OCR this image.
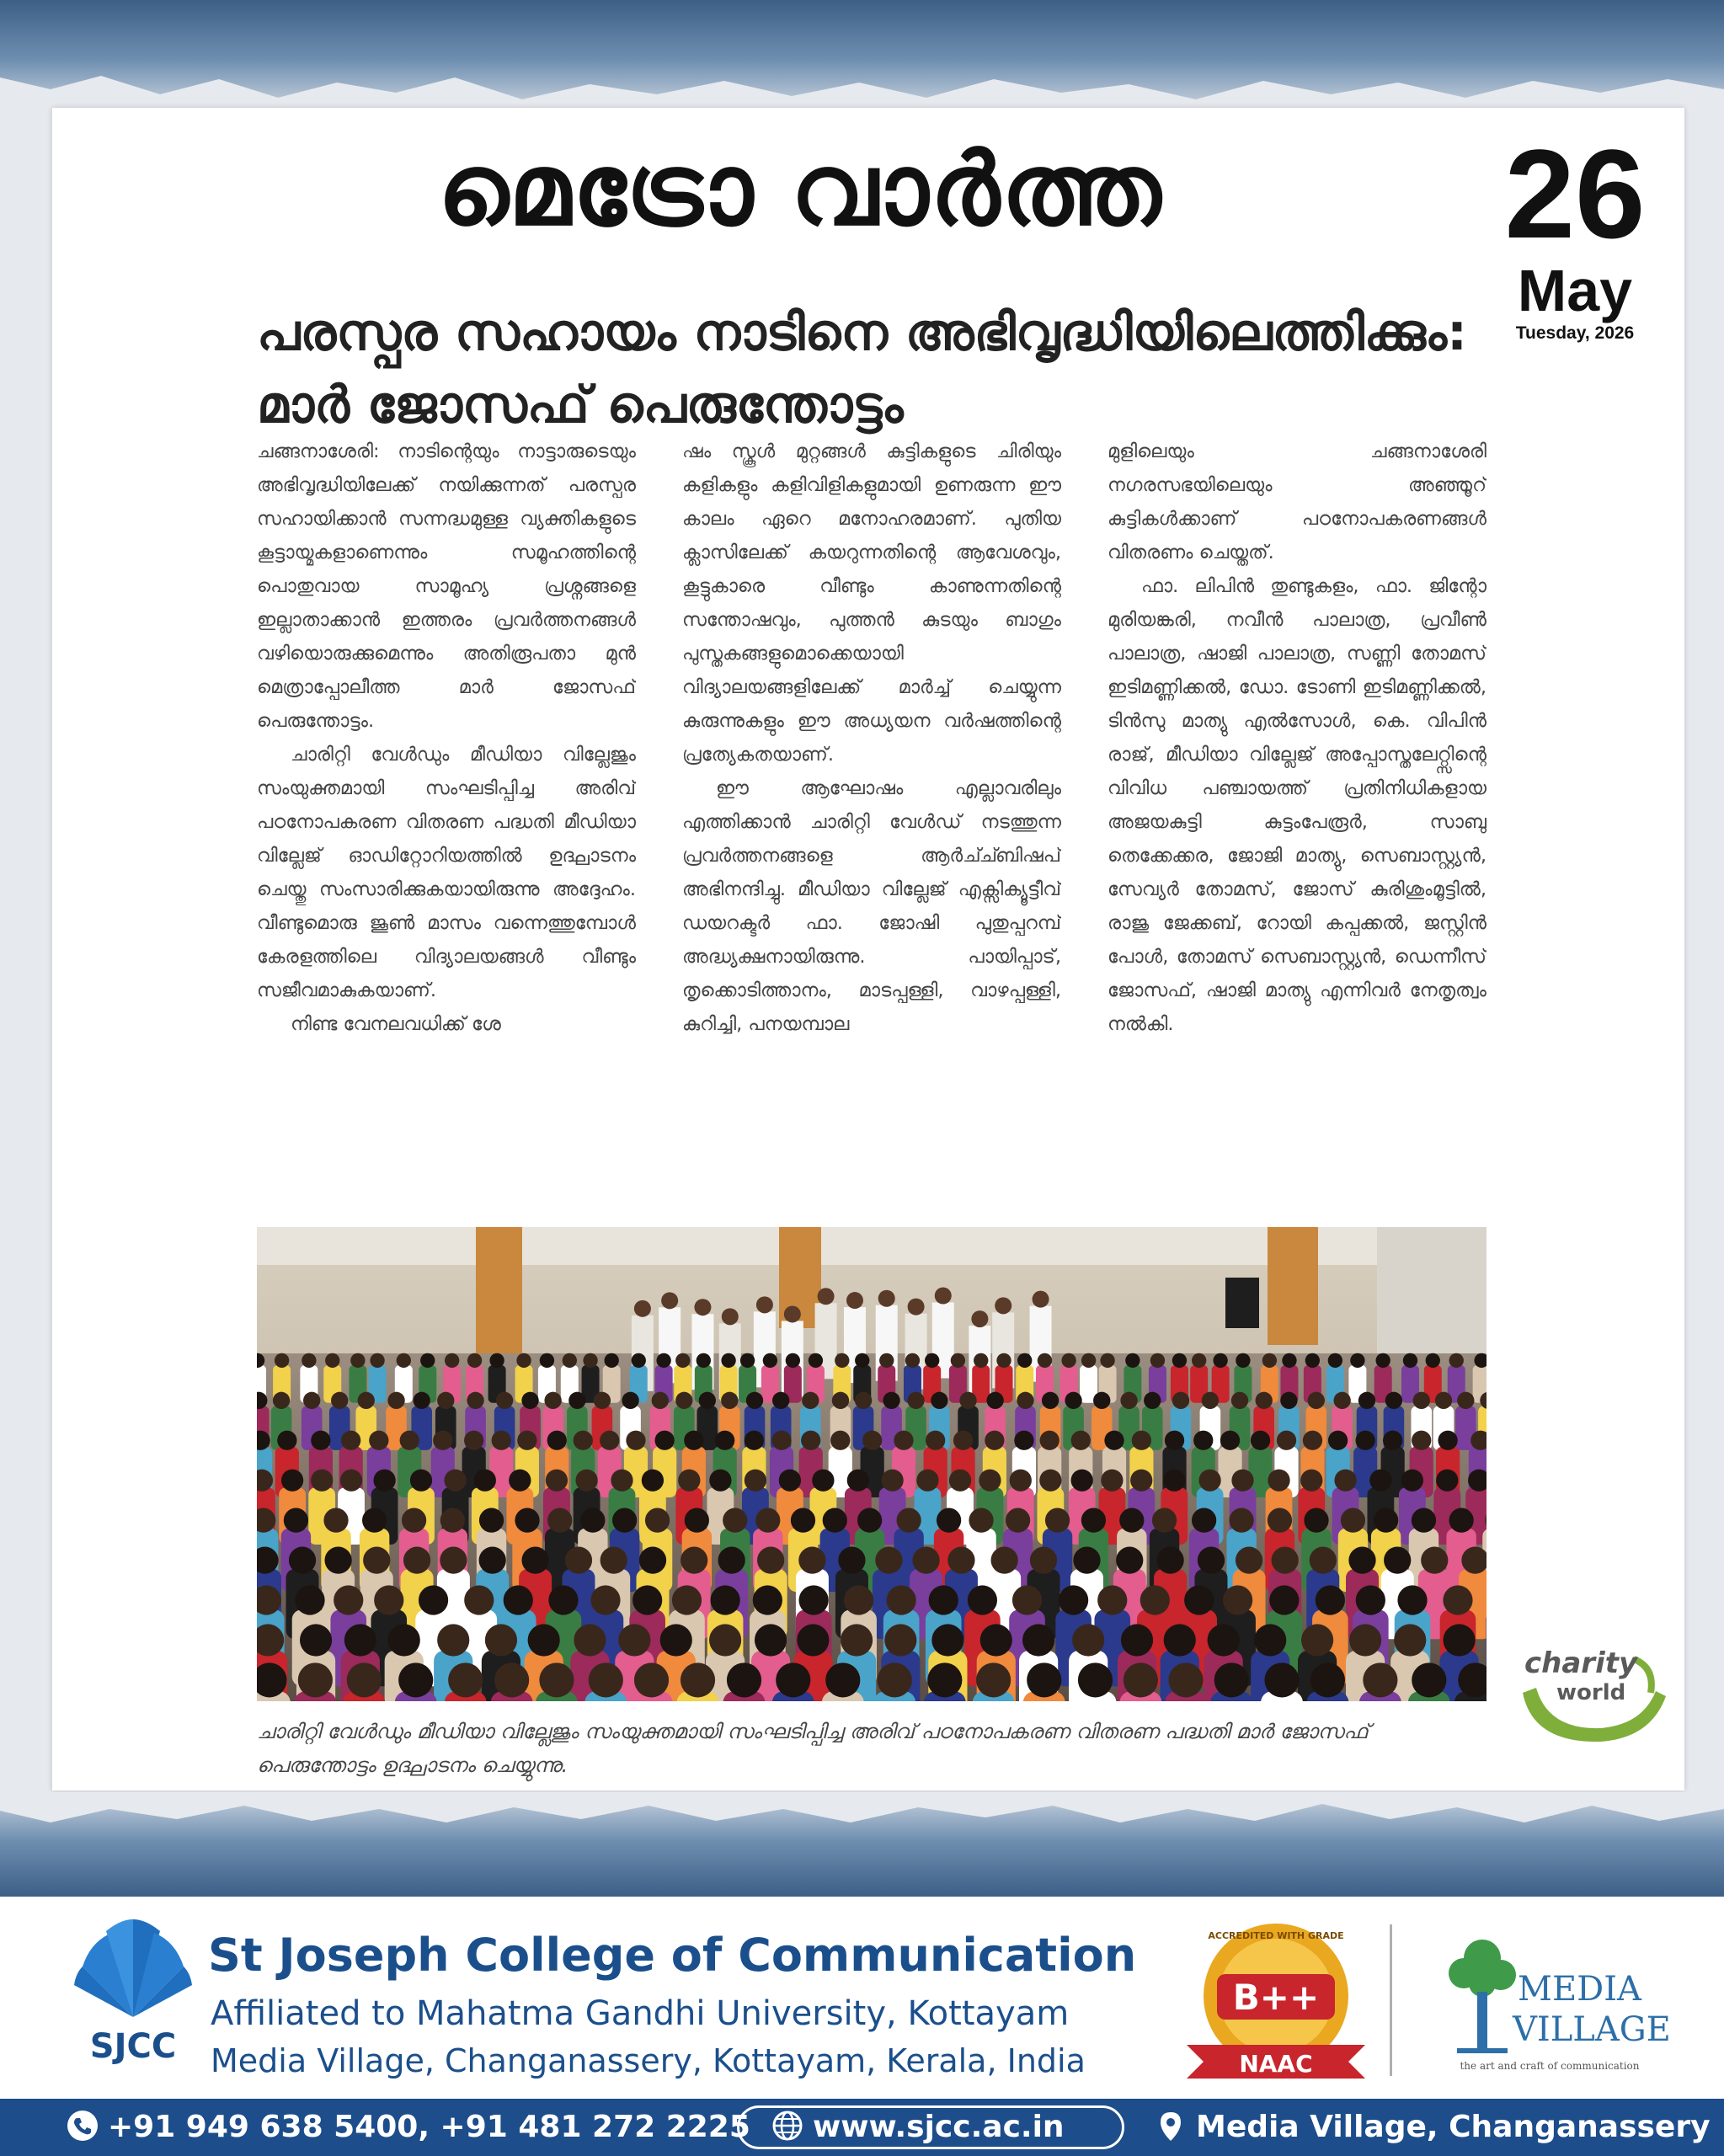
മെട്രോ വാർത്ത	26
May
Tuesday, 2026
പരസ്പര സഹായം നാടിനെ അഭിവൃദ്ധിയിലെത്തിക്കും:
മാർ ജോസഫ് പെരുന്തോട്ടം

ചങ്ങനാശേരി: നാടിന്റെയും നാട്ടാരുടെയും അഭിവൃദ്ധിയിലേക്ക് നയിക്കുന്നത് പരസ്പര സഹായിക്കാൻ സന്നദ്ധമുള്ള വ്യക്തികളുടെ കൂട്ടായ്മകളാണെന്നും സമൂഹത്തിന്റെ പൊതുവായ സാമൂഹ്യ പ്രശ്നങ്ങളെ ഇല്ലാതാക്കാൻ ഇത്തരം പ്രവർത്തനങ്ങൾ വഴിയൊരുക്കുമെന്നും അതിരൂപതാ മുൻ മെത്രാപ്പോലീത്ത മാർ ജോസഫ് പെരുന്തോട്ടം.

ചാരിറ്റി വേൾഡും മീഡിയാ വില്ലേജും സംയുക്തമായി സംഘടിപ്പിച്ച അരിവ് പഠനോപകരണ വിതരണ പദ്ധതി മീഡിയാ വില്ലേജ് ഓഡിറ്റോറിയത്തിൽ ഉദ്ഘാടനം ചെയ്തു സംസാരിക്കുകയായിരുന്നു അദ്ദേഹം. വീണ്ടുമൊരു ജൂൺ മാസം വന്നെത്തുമ്പോൾ കേരളത്തിലെ വിദ്യാലയങ്ങൾ വീണ്ടും സജീവമാകുകയാണ്.

നിണ്ട വേനലവധിക്ക് ശേ

ഷം സ്കൂൾ മുറ്റങ്ങൾ കുട്ടികളുടെ ചിരിയും കളികളും കളിവിളികളുമായി ഉണരുന്ന ഈ കാലം ഏറെ മനോഹരമാണ്. പുതിയ ക്ലാസിലേക്ക് കയറുന്നതിന്റെ ആവേശവും, കൂട്ടുകാരെ വീണ്ടും കാണുന്നതിന്റെ സന്തോഷവും, പുത്തൻ കുടയും ബാഗും പുസ്തകങ്ങളുമൊക്കെയായി വിദ്യാലയങ്ങളിലേക്ക് മാർച്ച് ചെയ്യുന്ന കുരുന്നുകളും ഈ അധ്യയന വർഷത്തിന്റെ പ്രത്യേകതയാണ്.

ഈ ആഘോഷം എല്ലാവരിലും എത്തിക്കാൻ ചാരിറ്റി വേൾഡ് നടത്തുന്ന പ്രവർത്തനങ്ങളെ ആർച്ച്ബിഷപ് അഭിനന്ദിച്ചു. മീഡിയാ വില്ലേജ് എക്സിക്യൂട്ടീവ് ഡയറക്ടർ ഫാ. ജോഷി പുതുപ്പറമ്പ് അദ്ധ്യക്ഷനായിരുന്നു. പായിപ്പാട്, തൃക്കൊടിത്താനം, മാടപ്പള്ളി, വാഴപ്പള്ളി, കുറിച്ചി, പനയമ്പാല

മുളിലെയും ചങ്ങനാശേരി നഗരസഭയിലെയും അഞ്ഞൂറ് കുട്ടികൾക്കാണ് പഠനോപകരണങ്ങൾ വിതരണം ചെയ്തത്.

ഫാ. ലിപിൻ തുണ്ടുകളം, ഫാ. ജിന്റോ മുരിയങ്കരി, നവീൻ പാലാത്ര, പ്രവീൺ പാലാത്ര, ഷാജി പാലാത്ര, സണ്ണി തോമസ് ഇടിമണ്ണിക്കൽ, ഡോ. ടോണി ഇടിമണ്ണിക്കൽ, ടിൻസു മാത്യു എൽസോൾ, കെ. വിപിൻ രാജ്, മീഡിയാ വില്ലേജ് അപ്പോസ്തലേറ്റ്സിന്റെ വിവിധ പഞ്ചായത്ത് പ്രതിനിധികളായ അജയകുട്ടി കുട്ടംപേരൂർ, സാബു തെക്കേക്കര, ജോജി മാത്യു, സെബാസ്റ്റ്യൻ, സേവ്യർ തോമസ്, ജോസ് കുരിശുംമൂട്ടിൽ, രാജു ജേക്കബ്, റോയി കപ്പക്കൽ, ജസ്റ്റിൻ പോൾ, തോമസ് സെബാസ്റ്റ്യൻ, ഡെന്നീസ് ജോസഫ്, ഷാജി മാത്യു എന്നിവർ നേതൃത്വം നൽകി.

ചാരിറ്റി വേൾഡും മീഡിയാ വില്ലേജും സംയുക്തമായി സംഘടിപ്പിച്ച അരിവ് പഠനോപകരണ വിതരണ പദ്ധതി മാർ ജോസഫ് പെരുന്തോട്ടം ഉദ്ഘാടനം ചെയ്യുന്നു.
charity
world
SJCC
St Joseph College of Communication
Affiliated to Mahatma Gandhi University, Kottayam
Media Village, Changanassery, Kottayam, Kerala, India
ACCREDITED WITH GRADE
B++
NAAC
MEDIA
VILLAGE
the art and craft of communication
+91 949 638 5400, +91 481 272 2225	www.sjcc.ac.in	Media Village, Changanassery
